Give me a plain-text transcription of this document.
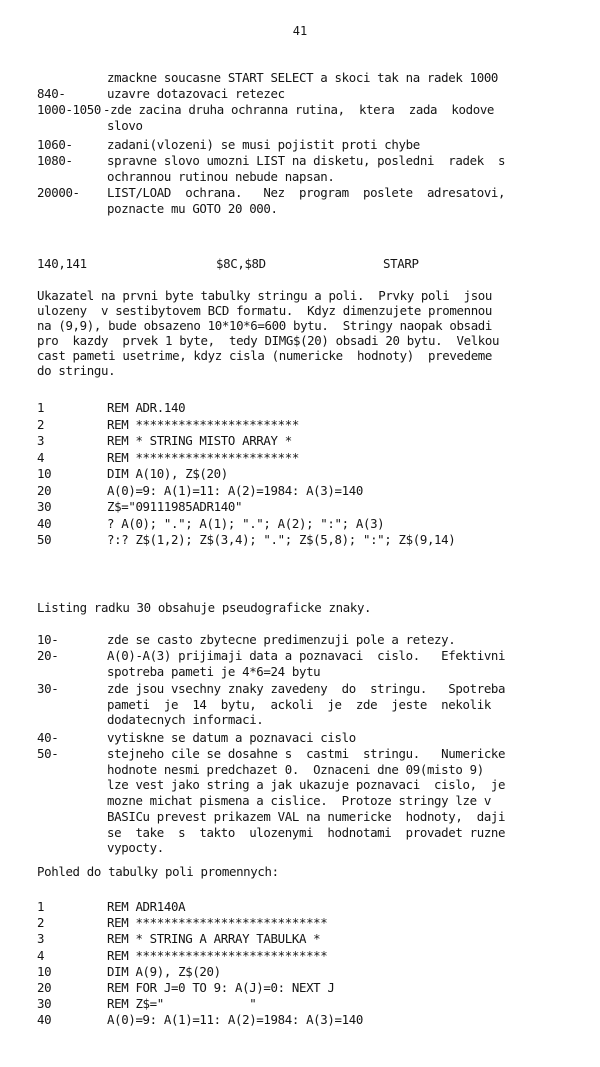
41
zmackne soucasne START SELECT a skoci tak na radek 1000
840-	uzavre dotazovaci retezec
1000-1050 -zde zacina druha ochranna rutina,  ktera  zada  kodove
slovo
1060-	zadani(vlozeni) se musi pojistit proti chybe
1080-	spravne slovo umozni LIST na disketu, posledni  radek  s
ochrannou rutinou nebude napsan.
20000- LIST/LOAD  ochrana.   Nez  program  poslete  adresatovi,
poznacte mu GOTO 20 000.
140,141	$8C,$8D	STARP
Ukazatel na prvni byte tabulky stringu a poli.  Prvky poli  jsou
ulozeny  v sestibytovem BCD formatu.  Kdyz dimenzujete promennou
na (9,9), bude obsazeno 10*10*6=600 bytu.  Stringy naopak obsadi
pro  kazdy  prvek 1 byte,  tedy DIMG$(20) obsadi 20 bytu.  Velkou
cast pameti usetrime, kdyz cisla (numericke  hodnoty)  prevedeme
do stringu.
1	REM ADR.140
2	REM ***********************
3	REM * STRING MISTO ARRAY *
4	REM ***********************
10	DIM A(10), Z$(20)
20	A(0)=9: A(1)=11: A(2)=1984: A(3)=140
30	Z$="09111985ADR140"
40	? A(0); "."; A(1); "."; A(2); ":"; A(3)
50	?:? Z$(1,2); Z$(3,4); "."; Z$(5,8); ":"; Z$(9,14)
Listing radku 30 obsahuje pseudograficke znaky.
10-	zde se casto zbytecne predimenzuji pole a retezy.
20-	A(0)-A(3) prijimaji data a poznavaci  cislo.   Efektivni
spotreba pameti je 4*6=24 bytu
30-	zde jsou vsechny znaky zavedeny  do  stringu.   Spotreba
pameti  je  14  bytu,  ackoli  je  zde  jeste  nekolik
dodatecnych informaci.
40-	vytiskne se datum a poznavaci cislo
50-	stejneho cile se dosahne s  castmi  stringu.   Numericke
hodnote nesmi predchazet 0.  Oznaceni dne 09(misto 9)
lze vest jako string a jak ukazuje poznavaci  cislo,  je
mozne michat pismena a cislice.  Protoze stringy lze v
BASICu prevest prikazem VAL na numericke  hodnoty,  daji
se  take  s  takto  ulozenymi  hodnotami  provadet ruzne
vypocty.
Pohled do tabulky poli promennych:
1	REM ADR140A
2	REM ***************************
3	REM * STRING A ARRAY TABULKA *
4	REM ***************************
10	DIM A(9), Z$(20)
20	REM FOR J=0 TO 9: A(J)=0: NEXT J
30	REM Z$="            "
40	A(0)=9: A(1)=11: A(2)=1984: A(3)=140
